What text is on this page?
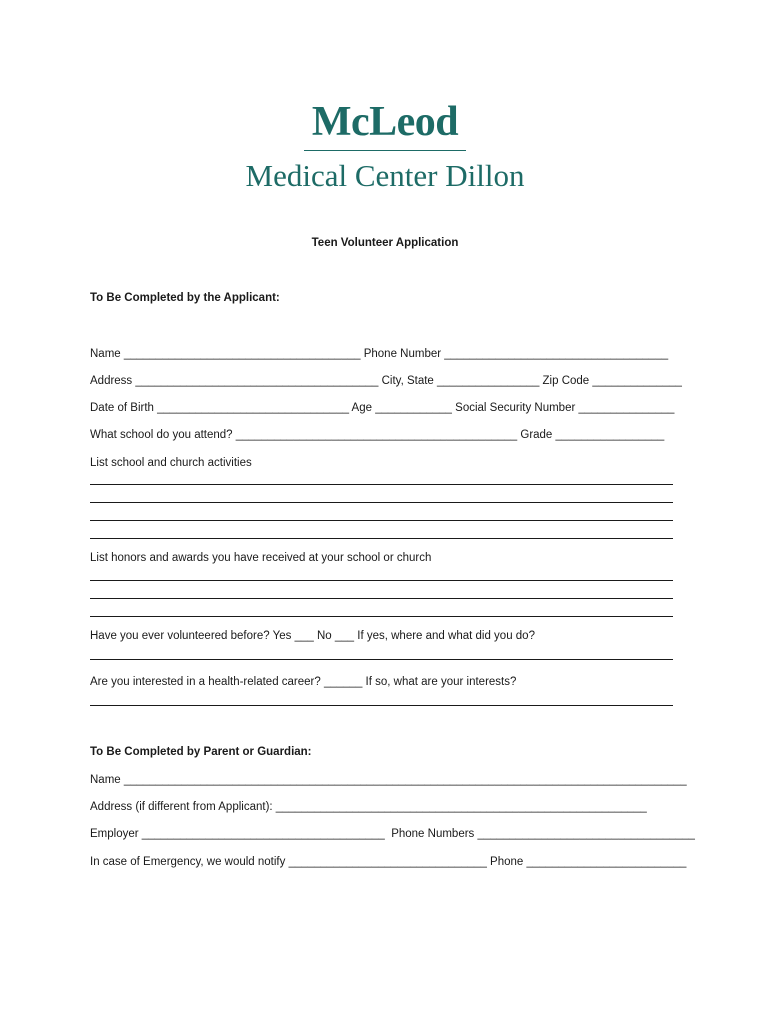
McLeod
Medical Center Dillon
Teen Volunteer Application
To Be Completed by the Applicant:
Name _____________________________________ Phone Number ___________________________________
Address ______________________________________ City, State ________________ Zip Code ______________
Date of Birth ______________________________ Age ____________ Social Security Number _______________
What school do you attend? ____________________________________________ Grade _________________
List school and church activities
List honors and awards you have received at your school or church
Have you ever volunteered before? Yes ___ No ___ If yes, where and what did you do?
Are you interested in a health-related career? ______ If so, what are your interests?
To Be Completed by Parent or Guardian:
Name ________________________________________________________________________________________
Address (if different from Applicant): __________________________________________________________
Employer ______________________________________  Phone Numbers __________________________________
In case of Emergency, we would notify _______________________________ Phone _________________________
